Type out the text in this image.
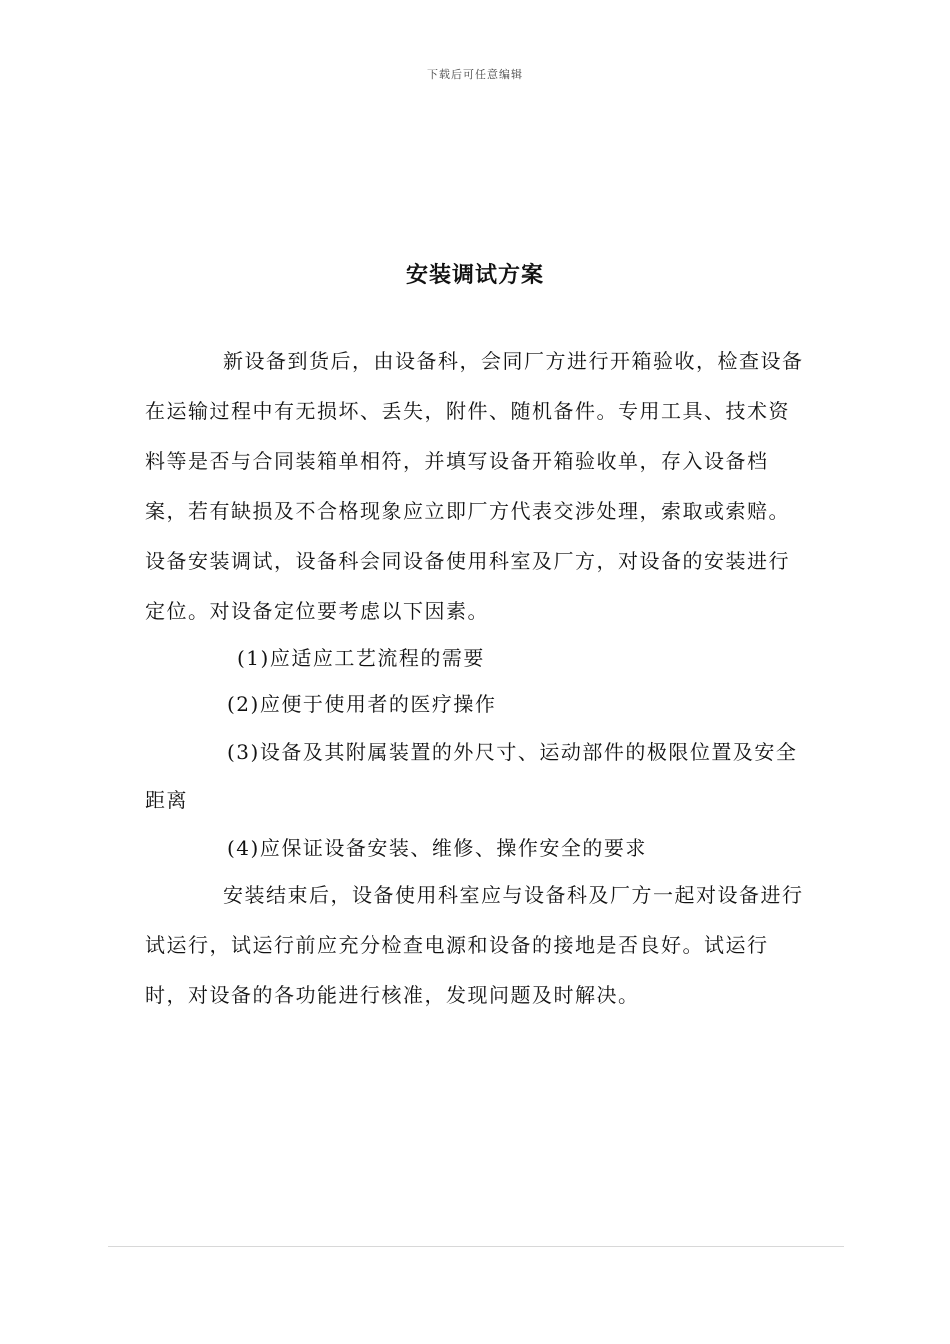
下载后可任意编辑
安装调试方案

新设备到货后，由设备科，会同厂方进行开箱验收，检查设备在运输过程中有无损坏、丢失，附件、随机备件。专用工具、技术资料等是否与合同装箱单相符，并填写设备开箱验收单，存入设备档案，若有缺损及不合格现象应立即厂方代表交涉处理，索取或索赔。 设备安装调试，设备科会同设备使用科室及厂方，对设备的安装进行定位。对设备定位要考虑以下因素。

(1)应适应工艺流程的需要

(2)应便于使用者的医疗操作

(3)设备及其附属装置的外尺寸、运动部件的极限位置及安全距离

(4)应保证设备安装、维修、操作安全的要求

安装结束后，设备使用科室应与设备科及厂方一起对设备进行试运行，试运行前应充分检查电源和设备的接地是否良好。试运行时，对设备的各功能进行核准，发现问题及时解决。
